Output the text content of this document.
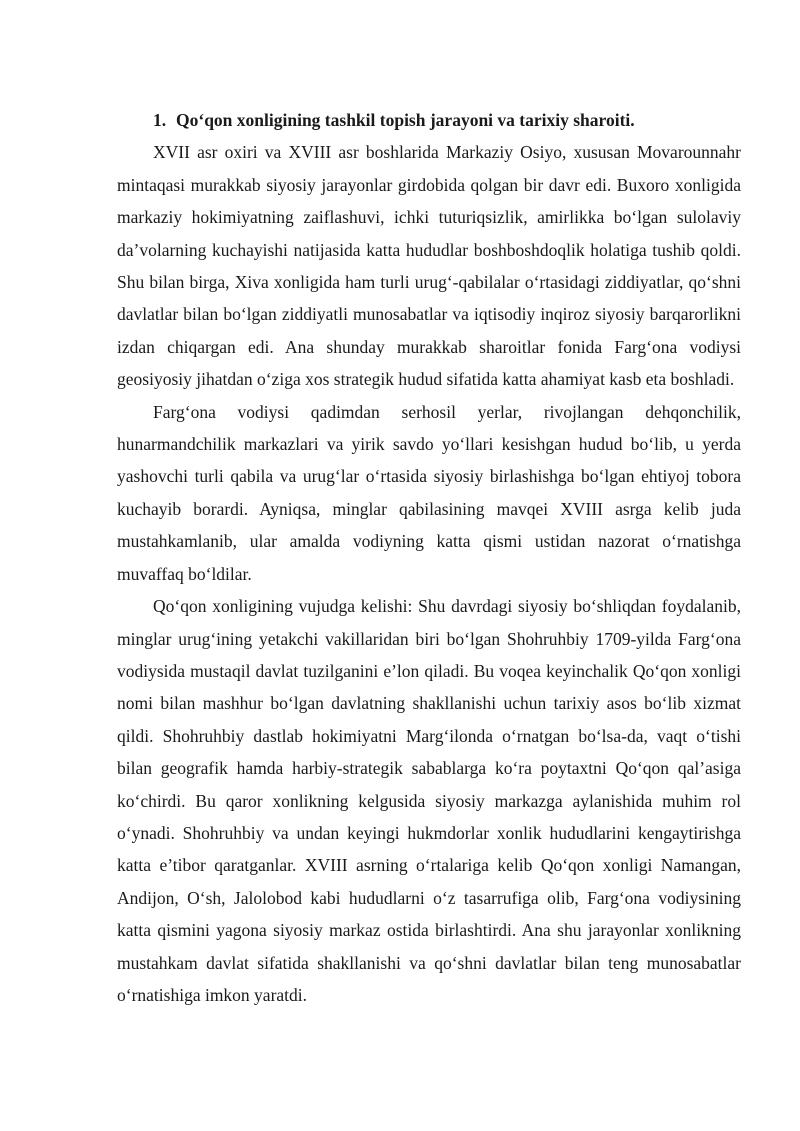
1. Qo‘qon xonligining tashkil topish jarayoni va tarixiy sharoiti.

XVII asr oxiri va XVIII asr boshlarida Markaziy Osiyo, xususan Movarounnahr mintaqasi murakkab siyosiy jarayonlar girdobida qolgan bir davr edi. Buxoro xonligida markaziy hokimiyatning zaiflashuvi, ichki tuturiqsizlik, amirlikka bo‘lgan sulolaviy da’volarning kuchayishi natijasida katta hududlar boshboshdoqlik holatiga tushib qoldi. Shu bilan birga, Xiva xonligida ham turli urug‘-qabilalar o‘rtasidagi ziddiyatlar, qo‘shni davlatlar bilan bo‘lgan ziddiyatli munosabatlar va iqtisodiy inqiroz siyosiy barqarorlikni izdan chiqargan edi. Ana shunday murakkab sharoitlar fonida Farg‘ona vodiysi geosiyosiy jihatdan o‘ziga xos strategik hudud sifatida katta ahamiyat kasb eta boshladi.

Farg‘ona vodiysi qadimdan serhosil yerlar, rivojlangan dehqonchilik, hunarmandchilik markazlari va yirik savdo yo‘llari kesishgan hudud bo‘lib, u yerda yashovchi turli qabila va urug‘lar o‘rtasida siyosiy birlashishga bo‘lgan ehtiyoj tobora kuchayib borardi. Ayniqsa, minglar qabilasining mavqei XVIII asrga kelib juda mustahkamlanib, ular amalda vodiyning katta qismi ustidan nazorat o‘rnatishga muvaffaq bo‘ldilar.

Qo‘qon xonligining vujudga kelishi: Shu davrdagi siyosiy bo‘shliqdan foydalanib, minglar urug‘ining yetakchi vakillaridan biri bo‘lgan Shohruhbiy 1709-yilda Farg‘ona vodiysida mustaqil davlat tuzilganini e’lon qiladi. Bu voqea keyinchalik Qo‘qon xonligi nomi bilan mashhur bo‘lgan davlatning shakllanishi uchun tarixiy asos bo‘lib xizmat qildi. Shohruhbiy dastlab hokimiyatni Marg‘ilonda o‘rnatgan bo‘lsa-da, vaqt o‘tishi bilan geografik hamda harbiy-strategik sabablarga ko‘ra poytaxtni Qo‘qon qal’asiga ko‘chirdi. Bu qaror xonlikning kelgusida siyosiy markazga aylanishida muhim rol o‘ynadi. Shohruhbiy va undan keyingi hukmdorlar xonlik hududlarini kengaytirishga katta e’tibor qaratganlar. XVIII asrning o‘rtalariga kelib Qo‘qon xonligi Namangan, Andijon, O‘sh, Jalolobod kabi hududlarni o‘z tasarrufiga olib, Farg‘ona vodiysining katta qismini yagona siyosiy markaz ostida birlashtirdi. Ana shu jarayonlar xonlikning mustahkam davlat sifatida shakllanishi va qo‘shni davlatlar bilan teng munosabatlar o‘rnatishiga imkon yaratdi.
